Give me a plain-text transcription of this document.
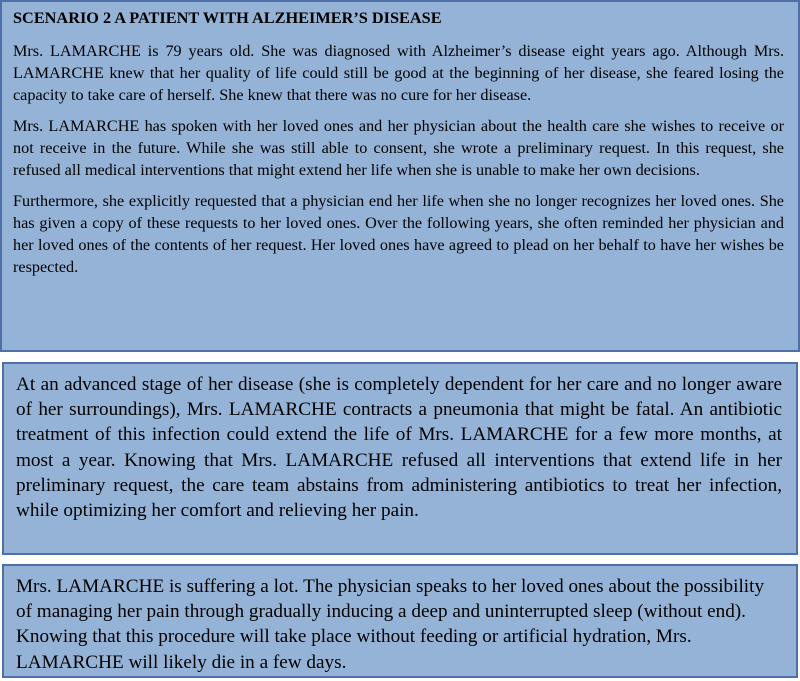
SCENARIO 2 A PATIENT WITH ALZHEIMER’S DISEASE

Mrs. LAMARCHE is 79 years old. She was diagnosed with Alzheimer’s disease eight years ago. Although Mrs. LAMARCHE knew that her quality of life could still be good at the beginning of her disease, she feared losing the capacity to take care of herself. She knew that there was no cure for her disease.

Mrs. LAMARCHE has spoken with her loved ones and her physician about the health care she wishes to receive or not receive in the future. While she was still able to consent, she wrote a preliminary request. In this request, she refused all medical interventions that might extend her life when she is unable to make her own decisions.

Furthermore, she explicitly requested that a physician end her life when she no longer recognizes her loved ones. She has given a copy of these requests to her loved ones. Over the following years, she often reminded her physician and her loved ones of the contents of her request. Her loved ones have agreed to plead on her behalf to have her wishes be respected.

At an advanced stage of her disease (she is completely dependent for her care and no longer aware of her surroundings), Mrs. LAMARCHE contracts a pneumonia that might be fatal. An antibiotic treatment of this infection could extend the life of Mrs. LAMARCHE for a few more months, at most a year. Knowing that Mrs. LAMARCHE refused all interventions that extend life in her preliminary request, the care team abstains from administering antibiotics to treat her infection, while optimizing her comfort and relieving her pain.

Mrs. LAMARCHE is suffering a lot. The physician speaks to her loved ones about the possibility of managing her pain through gradually inducing a deep and uninterrupted sleep (without end). Knowing that this procedure will take place without feeding or artificial hydration, Mrs. LAMARCHE will likely die in a few days.
